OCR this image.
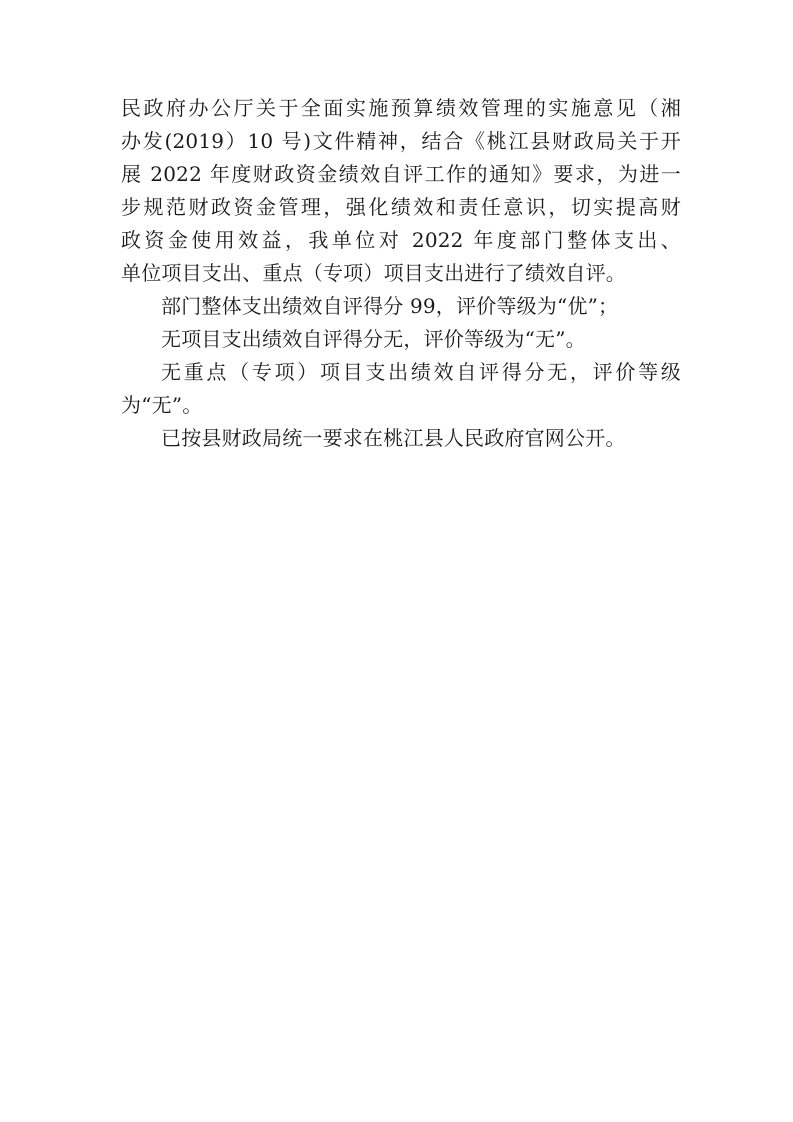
民政府办公厅关于全面实施预算绩效管理的实施意见（湘
办发(2019）10 号)文件精神，结合《桃江县财政局关于开
展 2022 年度财政资金绩效自评工作的通知》要求，为进一
步规范财政资金管理，强化绩效和责任意识，切实提高财
政资金使用效益，我单位对 2022 年度部门整体支出、
单位项目支出、重点（专项）项目支出进行了绩效自评。

部门整体支出绩效自评得分 99，评价等级为“优”；

无项目支出绩效自评得分无，评价等级为“无”。

无重点（专项）项目支出绩效自评得分无，评价等级
为“无”。

已按县财政局统一要求在桃江县人民政府官网公开。
